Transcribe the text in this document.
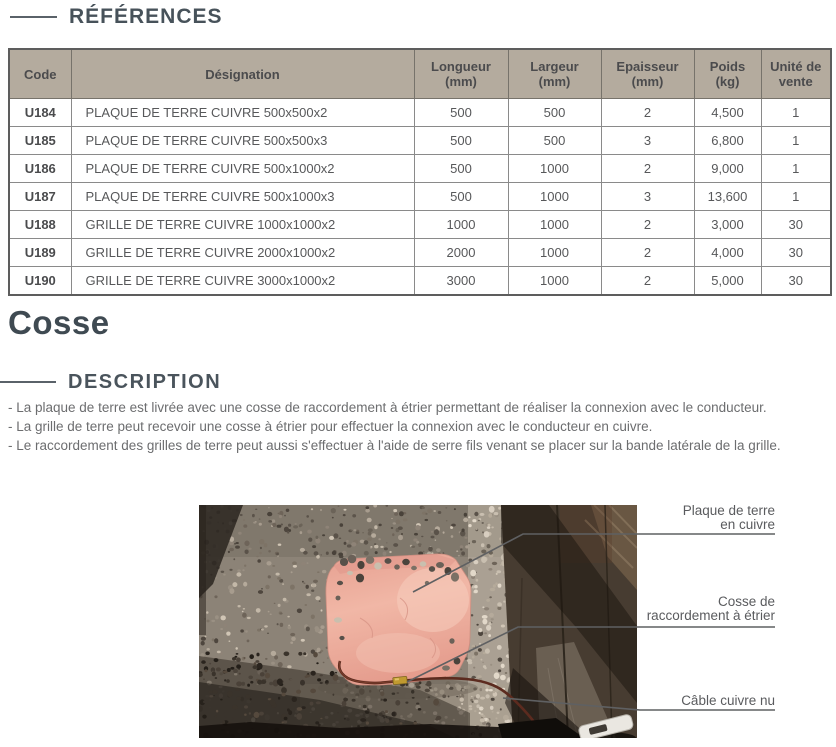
RÉFÉRENCES
Code	Désignation	Longueur (mm)	Largeur (mm)	Epaisseur (mm)	Poids (kg)	Unité de vente
U184	PLAQUE DE TERRE CUIVRE 500x500x2	500	500	2	4,500	1
U185	PLAQUE DE TERRE CUIVRE 500x500x3	500	500	3	6,800	1
U186	PLAQUE DE TERRE CUIVRE 500x1000x2	500	1000	2	9,000	1
U187	PLAQUE DE TERRE CUIVRE 500x1000x3	500	1000	3	13,600	1
U188	GRILLE DE TERRE CUIVRE 1000x1000x2	1000	1000	2	3,000	30
U189	GRILLE DE TERRE CUIVRE 2000x1000x2	2000	1000	2	4,000	30
U190	GRILLE DE TERRE CUIVRE 3000x1000x2	3000	1000	2	5,000	30
Cosse
DESCRIPTION

- La plaque de terre est livrée avec une cosse de raccordement à étrier permettant de réaliser la connexion avec le conducteur.

- La grille de terre peut recevoir une cosse à étrier pour effectuer la connexion avec le conducteur en cuivre.

- Le raccordement des grilles de terre peut aussi s'effectuer à l'aide de serre fils venant se placer sur la bande latérale de la grille.

Plaque de terre
en cuivre
Cosse de
raccordement à étrier
Câble cuivre nu
